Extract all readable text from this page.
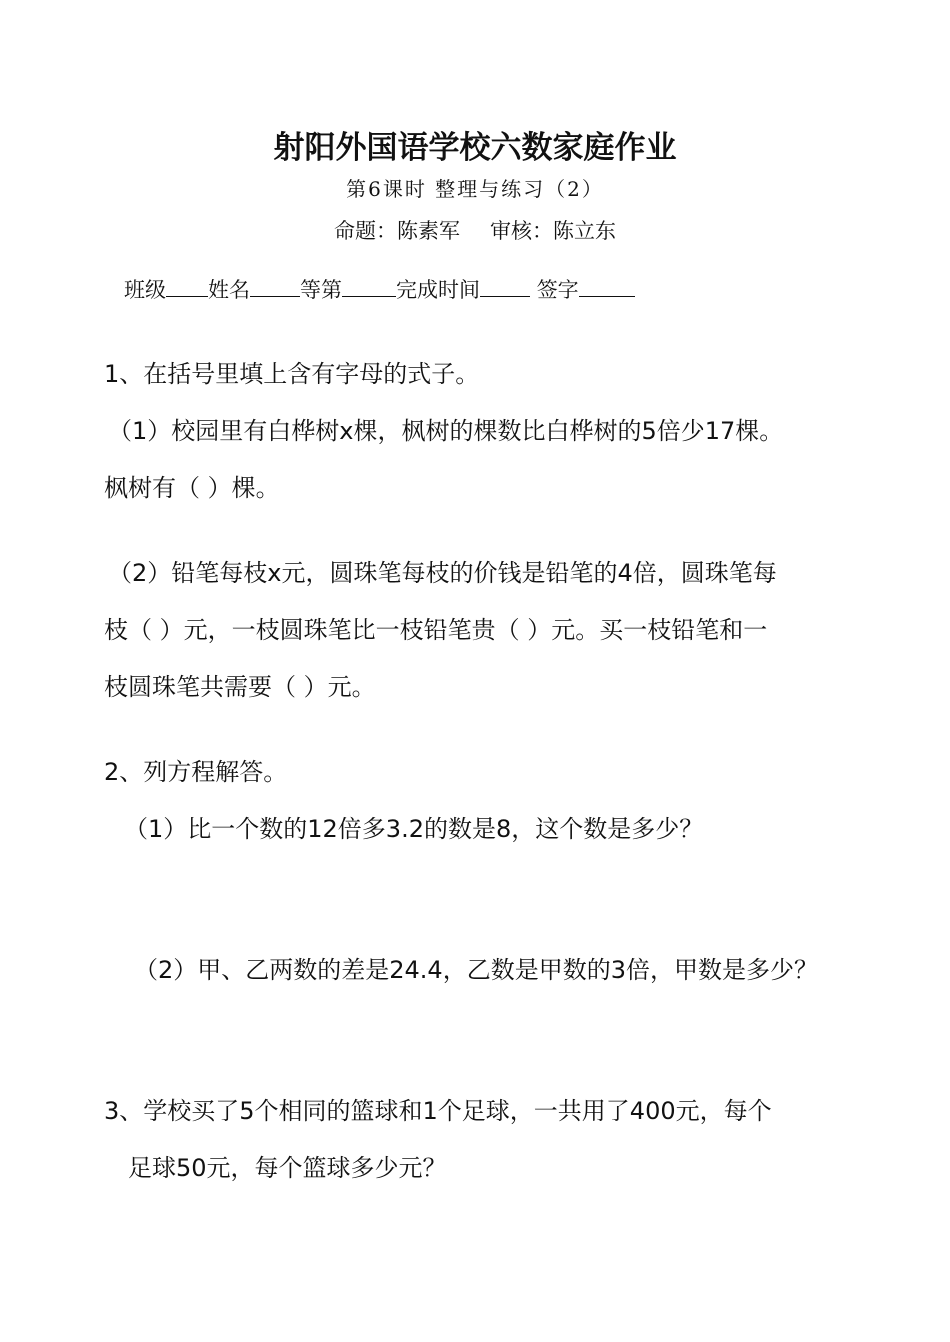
射阳外国语学校六数家庭作业
第6课时 整理与练习（2）
命题：陈素军 审核：陈立东
班级 姓名 等第	完成时间	签字

1、在括号里填上含有字母的式子。

（1）校园里有白桦树x棵，枫树的棵数比白桦树的5倍少17棵。

枫树有（ ）棵。

（2）铅笔每枝x元，圆珠笔每枝的价钱是铅笔的4倍，圆珠笔每

枝（ ）元，一枝圆珠笔比一枝铅笔贵（ ）元。买一枝铅笔和一

枝圆珠笔共需要（ ）元。

2、列方程解答。

（1）比一个数的12倍多3.2的数是8，这个数是多少？

（2）甲、乙两数的差是24.4，乙数是甲数的3倍，甲数是多少？

3、学校买了5个相同的篮球和1个足球，一共用了400元，每个

足球50元，每个篮球多少元？
